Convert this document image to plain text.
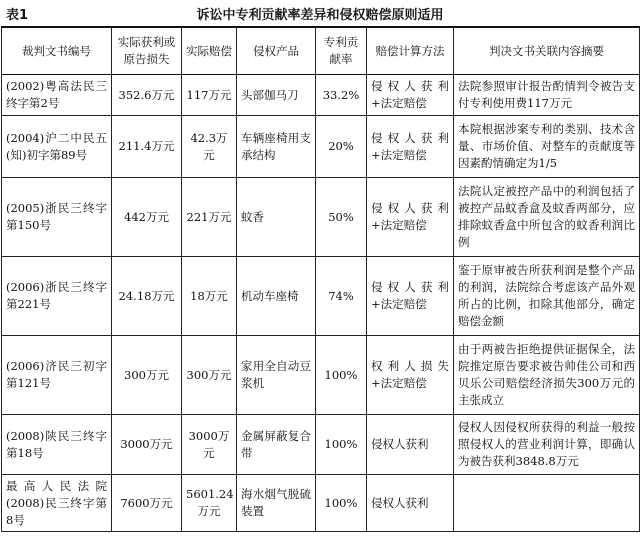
表1	诉讼中专利贡献率差异和侵权赔偿原则适用
裁判文书编号	实际获利或原告损失	实际赔偿	侵权产品	专利贡献率	赔偿计算方法	判决文书关联内容摘要
(2002)粤高法民三终字第2号	352.6万元	117万元	头部伽马刀	33.2%	侵权人获利+法定赔偿	法院参照审计报告酌情判令被告支付专利使用费117万元
(2004)沪二中民五(知)初字第89号	211.4万元	42.3万元	车辆座椅用支承结构	20%	侵权人获利+法定赔偿	本院根据涉案专利的类别、技术含量、市场价值、对整车的贡献度等因素酌情确定为1/5
(2005)浙民三终字第150号	442万元	221万元	蚊香	50%	侵权人获利+法定赔偿	法院认定被控产品中的利润包括了被控产品蚊香盒及蚊香两部分，应排除蚊香盒中所包含的蚊香利润比例
(2006)浙民三终字第221号	24.18万元	18万元	机动车座椅	74%	侵权人获利+法定赔偿	鉴于原审被告所获利润是整个产品的利润，法院综合考虑该产品外观所占的比例，扣除其他部分，确定赔偿金额
(2006)济民三初字第121号	300万元	300万元	家用全自动豆浆机	100%	权利人损失+法定赔偿	由于两被告拒绝提供证据保全，法院推定原告要求被告帅佳公司和西贝乐公司赔偿经济损失300万元的主张成立
(2008)陕民三终字第18号	3000万元	3000万元	金属屏蔽复合带	100%	侵权人获利	侵权人因侵权所获得的利益一般按照侵权人的营业利润计算，即确认为被告获利3848.8万元
最高人民法院(2008)民三终字第8号	7600万元	5601.24万元	海水烟气脱硫装置	100%	侵权人获利	
